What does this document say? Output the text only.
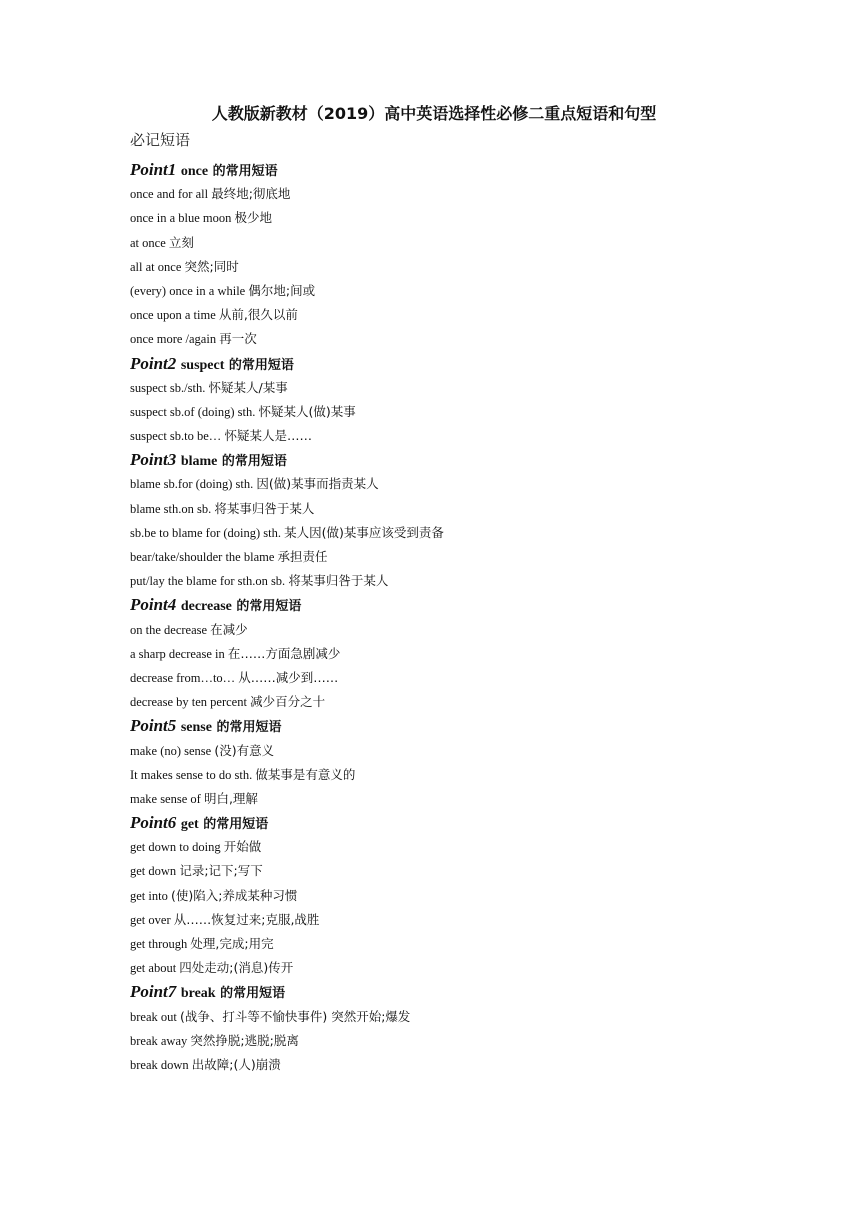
人教版新教材（2019）高中英语选择性必修二重点短语和句型
必记短语
Point1 once 的常用短语
once and for all 最终地;彻底地
once in a blue moon 极少地
at once 立刻
all at once 突然;同时
(every) once in a while 偶尔地;间或
once upon a time 从前,很久以前
once more /again 再一次
Point2 suspect 的常用短语
suspect sb./sth. 怀疑某人/某事
suspect sb.of (doing) sth. 怀疑某人(做)某事
suspect sb.to be… 怀疑某人是……
Point3 blame 的常用短语
blame sb.for (doing) sth. 因(做)某事而指责某人
blame sth.on sb. 将某事归咎于某人
sb.be to blame for (doing) sth. 某人因(做)某事应该受到责备
bear/take/shoulder the blame 承担责任
put/lay the blame for sth.on sb. 将某事归咎于某人
Point4 decrease 的常用短语
on the decrease 在减少
a sharp decrease in 在……方面急剧减少
decrease from…to… 从……减少到……
decrease by ten percent 减少百分之十
Point5 sense 的常用短语
make (no) sense (没)有意义
It makes sense to do sth. 做某事是有意义的
make sense of 明白,理解
Point6 get 的常用短语
get down to doing 开始做
get down 记录;记下;写下
get into (使)陷入;养成某种习惯
get over 从……恢复过来;克服,战胜
get through 处理,完成;用完
get about 四处走动;(消息)传开
Point7 break 的常用短语
break out (战争、打斗等不愉快事件) 突然开始;爆发
break away 突然挣脱;逃脱;脱离
break down 出故障;(人)崩溃
